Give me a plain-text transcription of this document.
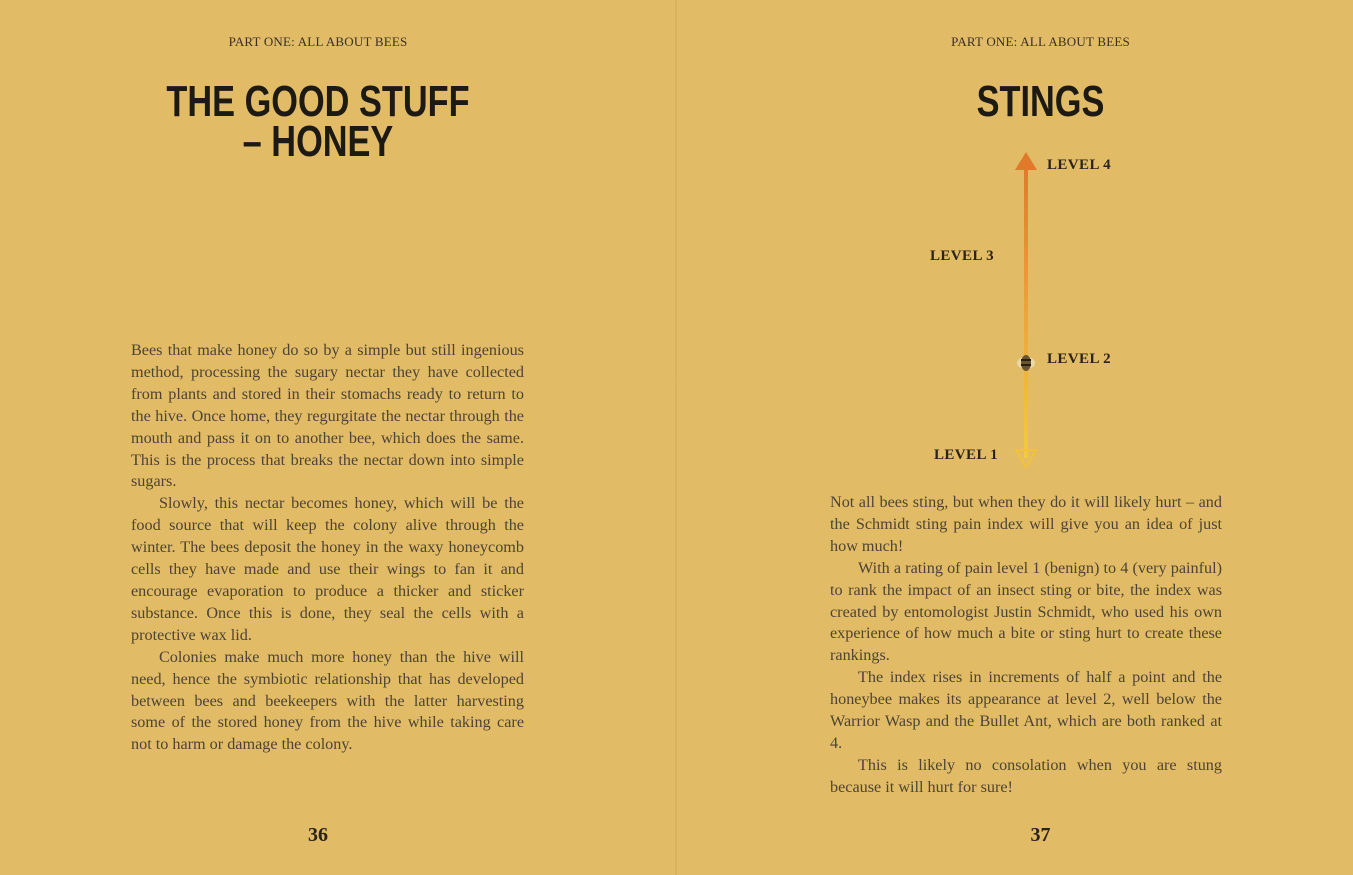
PART ONE: ALL ABOUT BEES
THE GOOD STUFF
– HONEY

Bees that make honey do so by a simple but still ingenious method, processing the sugary nectar they have collected from plants and stored in their stomachs ready to return to the hive. Once home, they regurgitate the nectar through the mouth and pass it on to another bee, which does the same. This is the process that breaks the nectar down into simple sugars.

Slowly, this nectar becomes honey, which will be the food source that will keep the colony alive through the winter. The bees deposit the honey in the waxy honeycomb cells they have made and use their wings to fan it and encourage evaporation to produce a thicker and sticker substance. Once this is done, they seal the cells with a protective wax lid.

Colonies make much more honey than the hive will need, hence the symbiotic relationship that has developed between bees and beekeepers with the latter harvesting some of the stored honey from the hive while taking care not to harm or damage the colony.

36
PART ONE: ALL ABOUT BEES
STINGS
LEVEL 4
LEVEL 3
LEVEL 2
LEVEL 1

Not all bees sting, but when they do it will likely hurt – and the Schmidt sting pain index will give you an idea of just how much!

With a rating of pain level 1 (benign) to 4 (very painful) to rank the impact of an insect sting or bite, the index was created by entomologist Justin Schmidt, who used his own experience of how much a bite or sting hurt to create these rankings.

The index rises in increments of half a point and the honeybee makes its appearance at level 2, well below the Warrior Wasp and the Bullet Ant, which are both ranked at 4.

This is likely no consolation when you are stung because it will hurt for sure!

37
